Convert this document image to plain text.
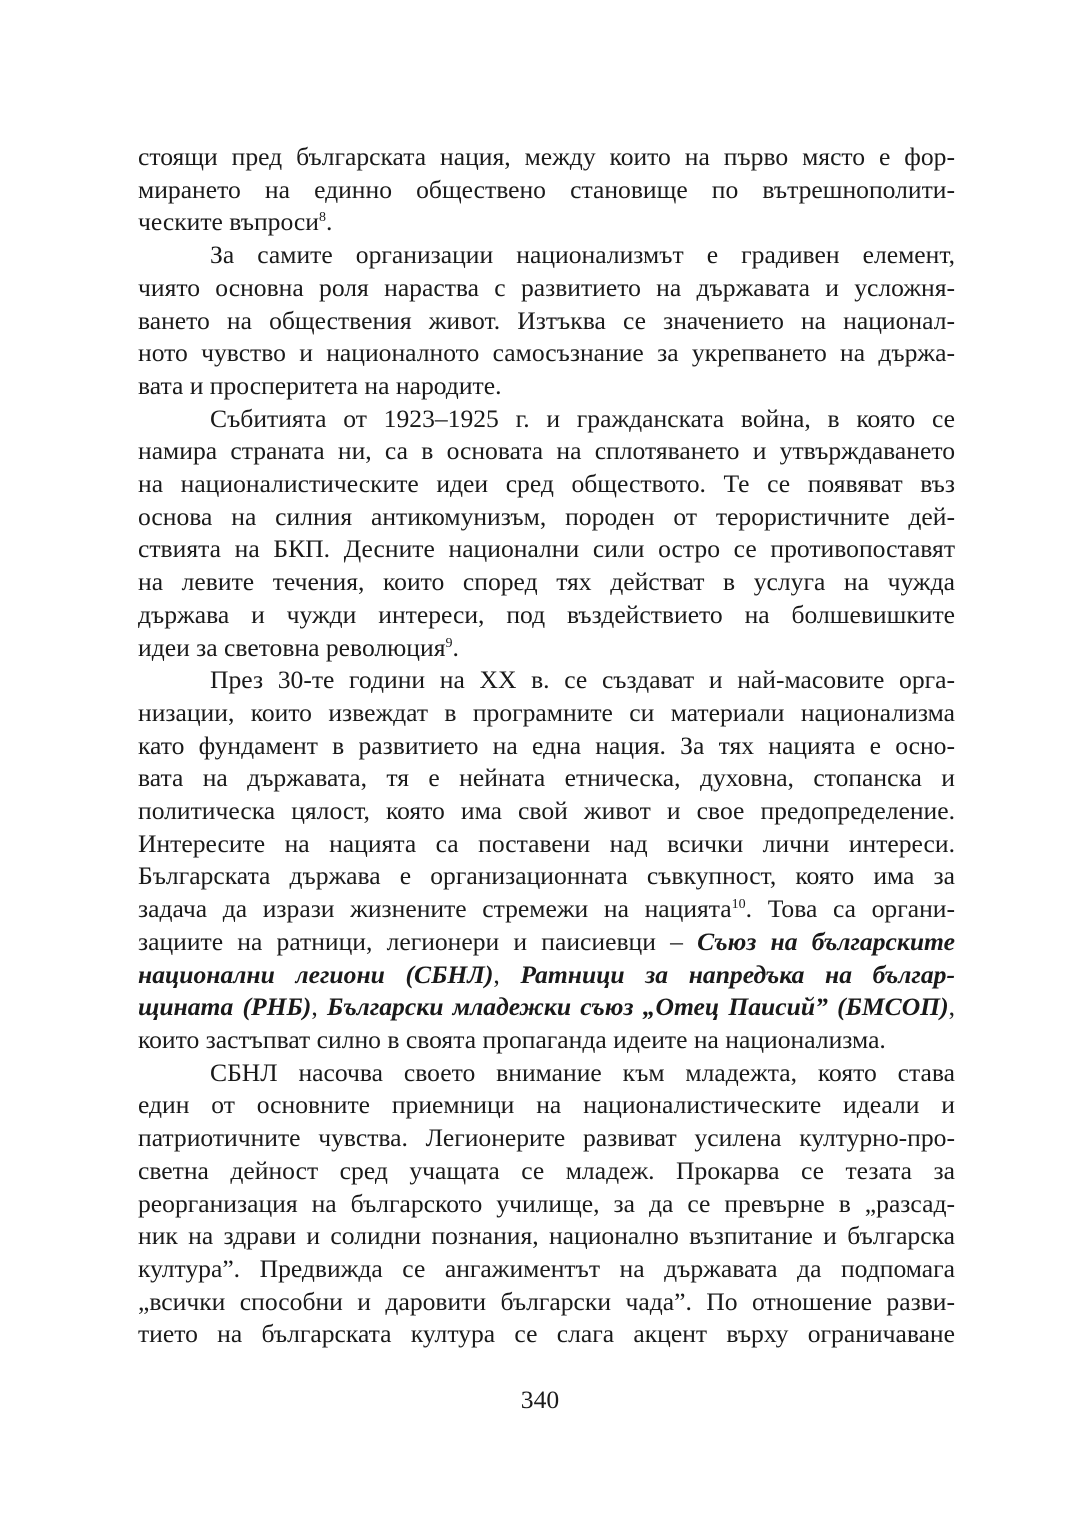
стоящи пред българската нация, между които на първо място е фор-
мирането на единно обществено становище по вътрешнополити-
ческите въпроси$^8$.

За самите организации национализмът е градивен елемент,
чиято основна роля нараства с развитието на държавата и усложня-
ването на обществения живот. Изтъква се значението на национал-
ното чувство и националното самосъзнание за укрепването на държа-
вата и просперитета на народите.

Събитията от 1923–1925 г. и гражданската война, в която се
намира страната ни, са в основата на сплотяването и утвърждаването
на националистическите идеи сред обществото. Те се появяват въз
основа на силния антикомунизъм, породен от терористичните дей-
ствията на БКП. Десните национални сили остро се противопоставят
на левите течения, които според тях действат в услуга на чужда
държава и чужди интереси, под въздействието на болшевишките
идеи за световна революция$^9$.

През 30-те години на XX в. се създават и най-масовите орга-
низации, които извеждат в програмните си материали национализма
като фундамент в развитието на една нация. За тях нацията е осно-
вата на държавата, тя е нейната етническа, духовна, стопанска и
политическа цялост, която има свой живот и свое предопределение.
Интересите на нацията са поставени над всички лични интереси.
Българската държава е организационната съвкупност, която има за
задача да изрази жизнените стремежи на нацията$^{10}$. Това са органи-
зациите на ратници, легионери и паисиевци – Съюз на българските
национални легиони (СБНЛ), Ратници за напредъка на българ-
щината (РНБ), Български младежки съюз „Отец Паисий” (БМСОП),
които застъпват силно в своята пропаганда идеите на национализма.

СБНЛ насочва своето внимание към младежта, която става
един от основните приемници на националистическите идеали и
патриотичните чувства. Легионерите развиват усилена културно-про-
светна дейност сред учащата се младеж. Прокарва се тезата за
реорганизация на българското училище, за да се превърне в „разсад-
ник на здрави и солидни познания, национално възпитание и българска
култура”. Предвижда се ангажиментът на държавата да подпомага
„всички способни и даровити български чада”. По отношение разви-
тието на българската култура се слага акцент върху ограничаване

340
